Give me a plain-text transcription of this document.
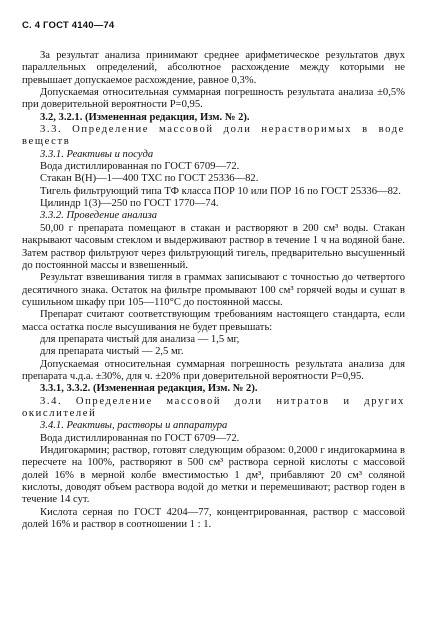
С. 4 ГОСТ 4140—74

За результат анализа принимают среднее арифметическое результатов двух параллельных определений, абсолютное расхождение между которыми не превышает допускаемое расхождение, равное 0,3%.

Допускаемая относительная суммарная погрешность результата анализа ±0,5% при доверительной вероятности P=0,95.

3.2, 3.2.1. (Измененная редакция, Изм. № 2).

3.3. Определение массовой доли нерастворимых в воде веществ

3.3.1. Реактивы и посуда

Вода дистиллированная по ГОСТ 6709—72.

Стакан В(Н)—1—400 ТХС по ГОСТ 25336—82.

Тигель фильтрующий типа ТФ класса ПОР 10 или ПОР 16 по ГОСТ 25336—82.

Цилиндр 1(3)—250 по ГОСТ 1770—74.

3.3.2. Проведение анализа

50,00 г препарата помещают в стакан и растворяют в 200 см³ воды. Стакан накрывают часовым стеклом и выдерживают раствор в течение 1 ч на водяной бане. Затем раствор фильтруют через фильтрующий тигель, предварительно высушенный до постоянной массы и взвешенный.

Результат взвешивания тигля в граммах записывают с точностью до четвертого десятичного знака. Остаток на фильтре промывают 100 см³ горячей воды и сушат в сушильном шкафу при 105—110°С до постоянной массы.

Препарат считают соответствующим требованиям настоящего стандарта, если масса остатка после высушивания не будет превышать:

для препарата чистый для анализа — 1,5 мг,

для препарата чистый — 2,5 мг.

Допускаемая относительная суммарная погрешность результата анализа для препарата ч.д.а. ±30%, для ч. ±20% при доверительной вероятности P=0,95.

3.3.1, 3.3.2. (Измененная редакция, Изм. № 2).

3.4. Определение массовой доли нитратов и других окислителей

3.4.1. Реактивы, растворы и аппаратура

Вода дистиллированная по ГОСТ 6709—72.

Индигокармин; раствор, готовят следующим образом: 0,2000 г индигокармина в пересчете на 100%, растворяют в 500 см³ раствора серной кислоты с массовой долей 16% в мерной колбе вместимостью 1 дм³, прибавляют 20 см³ соляной кислоты, доводят объем раствора водой до метки и перемешивают; раствор годен в течение 14 сут.

Кислота серная по ГОСТ 4204—77, концентрированная, раствор с массовой долей 16% и раствор в соотношении 1 : 1.
